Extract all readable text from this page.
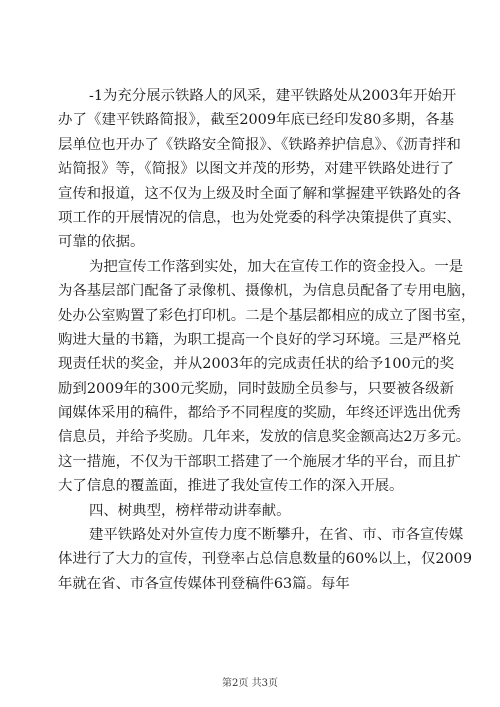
-1为充分展示铁路人的风采，建平铁路处从2003年开始开
办了《建平铁路简报》，截至2009年底已经印发80多期，各基
层单位也开办了《铁路安全简报》、《铁路养护信息》、《沥青拌和
站简报》等，《简报》以图文并茂的形势，对建平铁路处进行了
宣传和报道，这不仅为上级及时全面了解和掌握建平铁路处的各
项工作的开展情况的信息，也为处党委的科学决策提供了真实、
可靠的依据。
为把宣传工作落到实处，加大在宣传工作的资金投入。一是
为各基层部门配备了录像机、摄像机，为信息员配备了专用电脑，
处办公室购置了彩色打印机。二是个基层都相应的成立了图书室，
购进大量的书籍，为职工提高一个良好的学习环境。三是严格兑
现责任状的奖金，并从2003年的完成责任状的给予100元的奖
励到2009年的300元奖励，同时鼓励全员参与，只要被各级新
闻媒体采用的稿件，都给予不同程度的奖励，年终还评选出优秀
信息员，并给予奖励。几年来，发放的信息奖金额高达2万多元。
这一措施，不仅为干部职工搭建了一个施展才华的平台，而且扩
大了信息的覆盖面，推进了我处宣传工作的深入开展。
四、树典型，榜样带动讲奉献。
建平铁路处对外宣传力度不断攀升，在省、市、市各宣传媒
体进行了大力的宣传，刊登率占总信息数量的60%以上，仅2009
年就在省、市各宣传媒体刊登稿件63篇。每年
第2页 共3页
